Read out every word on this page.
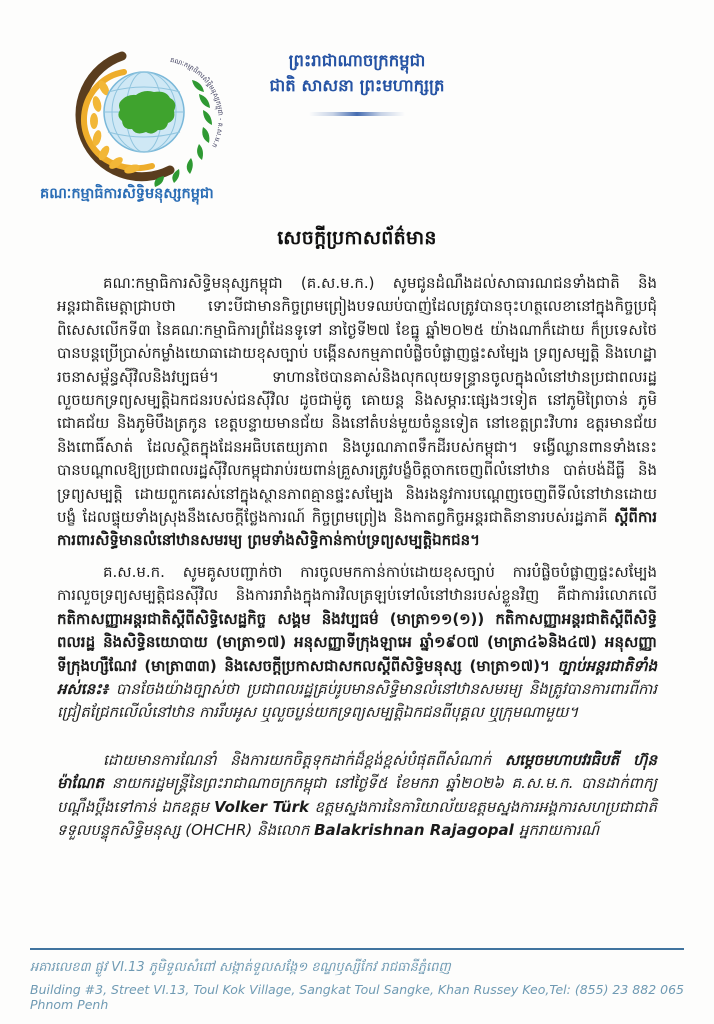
គណៈកម្មាធិការសិទ្ធិមនុស្សកម្ពុជា - គ.ស.ម.ក
គណៈកម្មាធិការសិទ្ធិមនុស្សកម្ពុជា
ព្រះរាជាណាចក្រកម្ពុជា
ជាតិ សាសនា ព្រះមហាក្សត្រ
សេចក្តីប្រកាសព័ត៌មាន

គណៈកម្មាធិការសិទ្ធិមនុស្សកម្ពុជា (គ.ស.ម.ក.) សូមជូនដំណឹងដល់សាធារណជនទាំងជាតិ និងអន្តរជាតិមេត្តាជ្រាបថា ទោះបីជាមានកិច្ចព្រមព្រៀងបទឈប់បាញ់ដែលត្រូវបានចុះហត្ថលេខានៅក្នុងកិច្ចប្រជុំពិសេសលើកទី៣ នៃគណៈកម្មាធិការព្រំដែនទូទៅ នាថ្ងៃទី២៧ ខែធ្នូ ឆ្នាំ២០២៥ យ៉ាងណាក៏ដោយ ក៏ប្រទេសថៃបានបន្តប្រើប្រាស់កម្លាំងយោធាដោយខុសច្បាប់ បង្កើនសកម្មភាពបំផ្លិចបំផ្លាញផ្ទះសម្បែង ទ្រព្យសម្បត្តិ និងហេដ្ឋារចនាសម្ព័ន្ធស៊ីវិលនិងវប្បធម៌។ ទាហានថៃបានគាស់និងលុកលុយទន្ទ្រានចូលក្នុងលំនៅឋានប្រជាពលរដ្ឋ លួចយកទ្រព្យសម្បត្តិឯកជនរបស់ជនស៊ីវិល ដូចជាម៉ូតូ គោយន្ត និងសម្ភារៈផ្សេងៗទៀត នៅភូមិព្រៃចាន់ ភូមិជោគជ័យ និងភូមិបឹងត្រកូន ខេត្តបន្ទាយមានជ័យ និងនៅតំបន់មួយចំនួនទៀត នៅខេត្តព្រះវិហារ ឧត្តរមានជ័យ និងពោធិ៍សាត់ ដែលស្ថិតក្នុងដែនអធិបតេយ្យភាព និងបូរណភាពទឹកដីរបស់កម្ពុជា។ ទង្វើឈ្លានពានទាំងនេះ បានបណ្តាលឱ្យប្រជាពលរដ្ឋស៊ីវិលកម្ពុជារាប់រយពាន់គ្រួសារត្រូវបង្ខំចិត្តចាកចេញពីលំនៅឋាន បាត់បង់ដីធ្លី និងទ្រព្យសម្បត្តិ ដោយពួកគេរស់នៅក្នុងស្ថានភាពគ្មានផ្ទះសម្បែង និងរងនូវការបណ្តេញចេញពីទីលំនៅឋានដោយបង្ខំ ដែលផ្ទុយទាំងស្រុងនឹងសេចក្តីថ្លែងការណ៍ កិច្ចព្រមព្រៀង និងកាតព្វកិច្ចអន្តរជាតិនានារបស់រដ្ឋភាគី ស្តីពីការការពារសិទ្ធិមានលំនៅឋានសមរម្យ ព្រមទាំងសិទ្ធិកាន់កាប់ទ្រព្យសម្បត្តិឯកជន។

គ.ស.ម.ក. សូមគូសបញ្ជាក់ថា ការចូលមកកាន់កាប់ដោយខុសច្បាប់ ការបំផ្លិចបំផ្លាញផ្ទះសម្បែង ការលួចទ្រព្យសម្បត្តិជនស៊ីវិល និងការរារាំងក្នុងការវិលត្រឡប់ទៅលំនៅឋានរបស់ខ្លួនវិញ គឺជាការរំលោភលើ កតិកាសញ្ញាអន្តរជាតិស្តីពីសិទ្ធិសេដ្ឋកិច្ច សង្គម និងវប្បធម៌ (មាត្រា១១(១)) កតិកាសញ្ញាអន្តរជាតិស្តីពីសិទ្ធិពលរដ្ឋ និងសិទ្ធិនយោបាយ (មាត្រា១៧) អនុសញ្ញាទីក្រុងឡាអេ ឆ្នាំ១៩០៧ (មាត្រា៤៦និង៤៧) អនុសញ្ញាទីក្រុងហ្សឺណែវ (មាត្រា៣៣) និងសេចក្តីប្រកាសជាសកលស្តីពីសិទ្ធិមនុស្ស (មាត្រា១៧)។ ច្បាប់អន្តរជាតិទាំងអស់នេះ៖ បានចែងយ៉ាងច្បាស់ថា ប្រជាពលរដ្ឋគ្រប់រូបមានសិទ្ធិមានលំនៅឋានសមរម្យ និងត្រូវបានការពារពីការជ្រៀតជ្រែកលើលំនៅឋាន ការរឹបអូស ឬលួចប្លន់យកទ្រព្យសម្បត្តិឯកជនពីបុគ្គល ឬក្រុមណាមួយ។

ដោយមានការណែនាំ និងការយកចិត្តទុកដាក់ដ៏ខ្ពង់ខ្ពស់បំផុតពីសំណាក់ សម្តេចមហាបវរធិបតី ហ៊ុន ម៉ាណែត នាយករដ្ឋមន្ត្រីនៃព្រះរាជាណាចក្រកម្ពុជា នៅថ្ងៃទី៥ ខែមករា ឆ្នាំ២០២៦ គ.ស.ម.ក. បានដាក់ពាក្យបណ្តឹងប្តឹងទៅកាន់ ឯកឧត្តម Volker Türk ឧត្តមស្នងការនៃការិយាល័យឧត្តមស្នងការអង្គការសហប្រជាជាតិទទួលបន្ទុកសិទ្ធិមនុស្ស (OHCHR) និងលោក Balakrishnan Rajagopal អ្នករាយការណ៍

អគារលេខ៣ ផ្លូវ VI.13 ភូមិទួលសំពៅ សង្កាត់ទួលសង្កែ១ ខណ្ឌឫស្សីកែវ រាជធានីភ្នំពេញ
Building #3, Street VI.13, Toul Kok Village, Sangkat Toul Sangke, Khan Russey Keo, Phnom Penh
Tel: (855) 23 882 065
